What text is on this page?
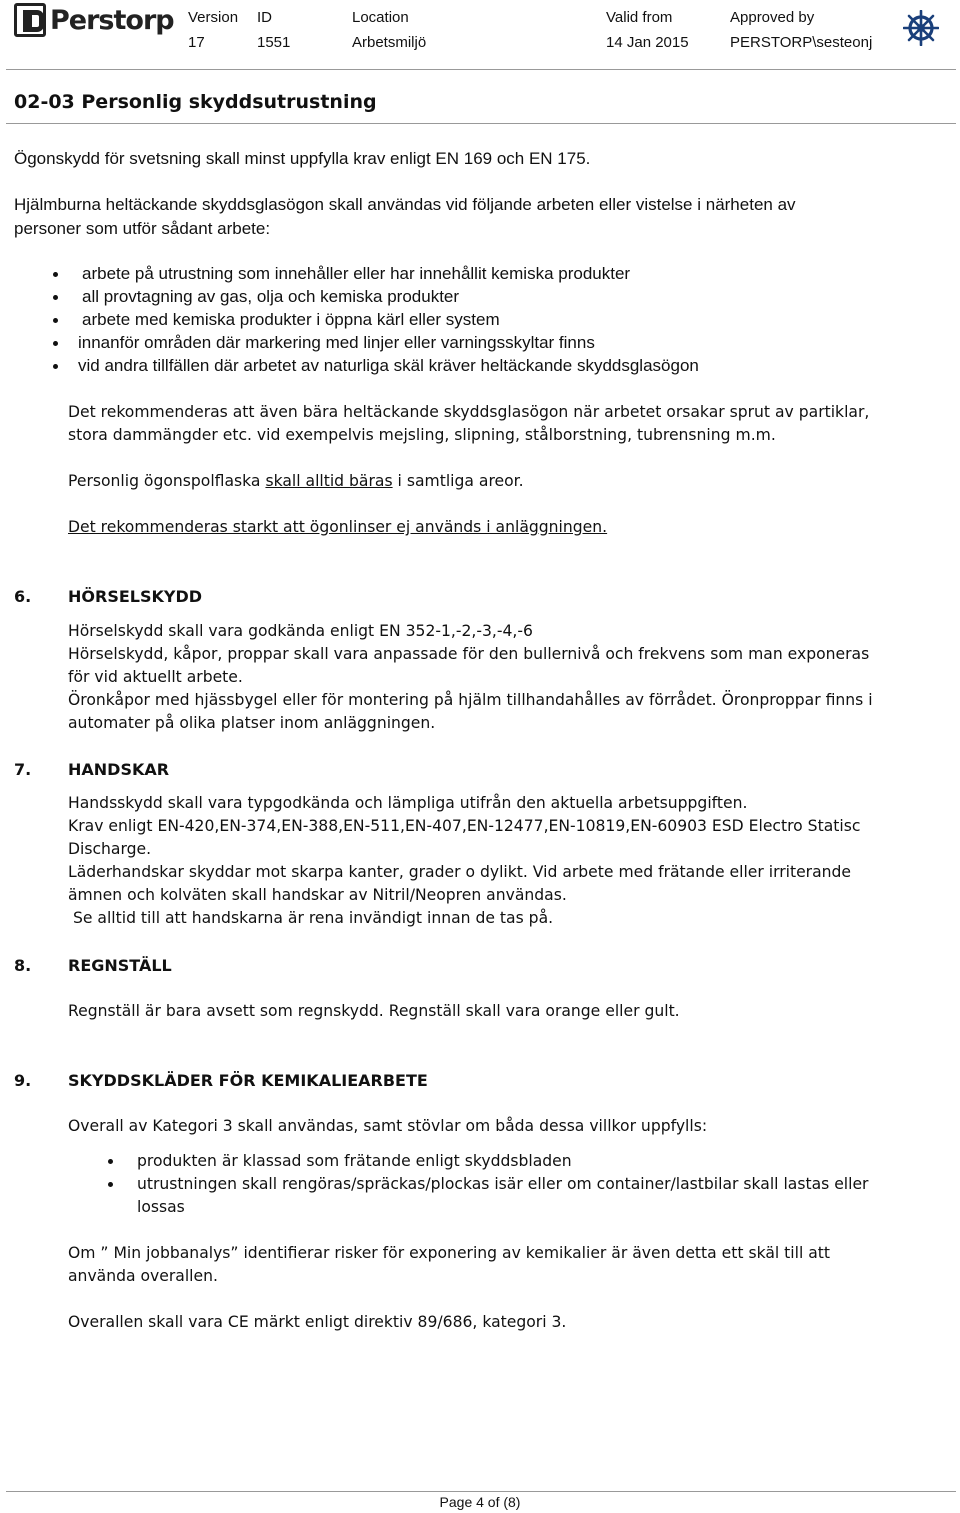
Perstorp Version
17
ID
1551
Location
Arbetsmiljö
Valid from
14 Jan 2015
Approved by
PERSTORP\sesteonj
02-03 Personlig skyddsutrustning
Ögonskydd för svetsning skall minst uppfylla krav enligt EN 169 och EN 175.
Hjälmburna heltäckande skyddsglasögon skall användas vid följande arbeten eller vistelse i närheten av
personer som utför sådant arbete:
arbete på utrustning som innehåller eller har innehållit kemiska produkter
all provtagning av gas, olja och kemiska produkter
arbete med kemiska produkter i öppna kärl eller system
innanför områden där markering med linjer eller varningsskyltar finns
vid andra tillfällen där arbetet av naturliga skäl kräver heltäckande skyddsglasögon
Det rekommenderas att även bära heltäckande skyddsglasögon när arbetet orsakar sprut av partiklar,
stora dammängder etc. vid exempelvis mejsling, slipning, stålborstning, tubrensning m.m.
Personlig ögonspolflaska skall alltid bäras i samtliga areor.
Det rekommenderas starkt att ögonlinser ej används i anläggningen.
6. HÖRSELSKYDD
Hörselskydd skall vara godkända enligt EN 352-1,-2,-3,-4,-6
Hörselskydd, kåpor, proppar skall vara anpassade för den bullernivå och frekvens som man exponeras
för vid aktuellt arbete.
Öronkåpor med hjässbygel eller för montering på hjälm tillhandahålles av förrådet. Öronproppar finns i
automater på olika platser inom anläggningen.
7. HANDSKAR
Handsskydd skall vara typgodkända och lämpliga utifrån den aktuella arbetsuppgiften.
Krav enligt EN-420,EN-374,EN-388,EN-511,EN-407,EN-12477,EN-10819,EN-60903 ESD Electro Statisc
Discharge.
Läderhandskar skyddar mot skarpa kanter, grader o dylikt. Vid arbete med frätande eller irriterande
ämnen och kolväten skall handskar av Nitril/Neopren användas.
Se alltid till att handskarna är rena invändigt innan de tas på.
8. REGNSTÄLL
Regnställ är bara avsett som regnskydd. Regnställ skall vara orange eller gult.
9. SKYDDSKLÄDER FÖR KEMIKALIEARBETE
Overall av Kategori 3 skall användas, samt stövlar om båda dessa villkor uppfylls:
produkten är klassad som frätande enligt skyddsbladen
utrustningen skall rengöras/spräckas/plockas isär eller om container/lastbilar skall lastas eller
lossas
Om ” Min jobbanalys” identifierar risker för exponering av kemikalier är även detta ett skäl till att
använda overallen.
Overallen skall vara CE märkt enligt direktiv 89/686, kategori 3.
Page 4 of (8)
